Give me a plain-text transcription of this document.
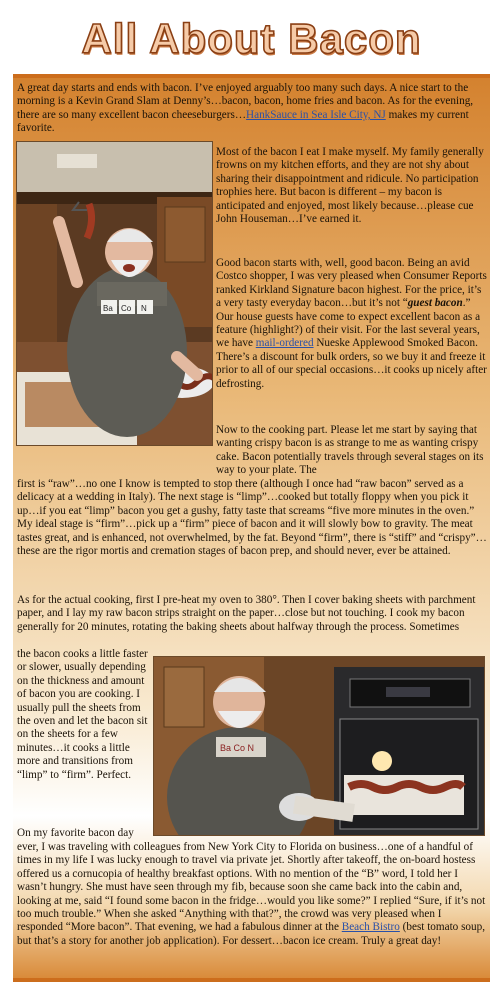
All About Bacon

A great day starts and ends with bacon. I’ve enjoyed arguably too many such days. A nice start to the morning is a Kevin Grand Slam at Denny’s…bacon, bacon, home fries and bacon. As for the evening, there are so many excellent bacon cheeseburgers…HankSauce in Sea Isle City, NJ makes my current favorite.

Ba Co N

Most of the bacon I eat I make myself. My family generally frowns on my kitchen efforts, and they are not shy about sharing their disappointment and ridicule. No participation trophies here. But bacon is different – my bacon is anticipated and enjoyed, most likely because…please cue John Houseman…I’ve earned it.

Good bacon starts with, well, good bacon. Being an avid Costco shopper, I was very pleased when Consumer Reports ranked Kirkland Signature bacon highest. For the price, it’s a very tasty everyday bacon…but it’s not “guest bacon.” Our house guests have come to expect excellent bacon as a feature (highlight?) of their visit. For the last several years, we have mail-ordered Nueske Applewood Smoked Bacon. There’s a discount for bulk orders, so we buy it and freeze it prior to all of our special occasions…it cooks up nicely after defrosting.

Now to the cooking part. Please let me start by saying that wanting crispy bacon is as strange to me as wanting crispy cake. Bacon potentially travels through several stages on its way to your plate. The

first is “raw”…no one I know is tempted to stop there (although I once had “raw bacon” served as a delicacy at a wedding in Italy). The next stage is “limp”…cooked but totally floppy when you pick it up…if you eat “limp” bacon you get a gushy, fatty taste that screams “five more minutes in the oven.” My ideal stage is “firm”…pick up a “firm” piece of bacon and it will slowly bow to gravity. The meat tastes great, and is enhanced, not overwhelmed, by the fat. Beyond “firm”, there is “stiff” and “crispy”…these are the rigor mortis and cremation stages of bacon prep, and should never, ever be attained.

As for the actual cooking, first I pre-heat my oven to 380°. Then I cover baking sheets with parchment paper, and I lay my raw bacon strips straight on the paper…close but not touching. I cook my bacon generally for 20 minutes, rotating the baking sheets about halfway through the process. Sometimes

the bacon cooks a little faster or slower, usually depending on the thickness and amount of bacon you are cooking. I usually pull the sheets from the oven and let the bacon sit on the sheets for a few minutes…it cooks a little more and transitions from “limp” to “firm”. Perfect.

Ba Co N

On my favorite bacon day

ever, I was traveling with colleagues from New York City to Florida on business…one of a handful of times in my life I was lucky enough to travel via private jet. Shortly after takeoff, the on-board hostess offered us a cornucopia of healthy breakfast options. With no mention of the “B” word, I told her I wasn’t hungry. She must have seen through my fib, because soon she came back into the cabin and, looking at me, said “I found some bacon in the fridge…would you like some?” I replied “Sure, if it’s not too much trouble.” When she asked “Anything with that?”, the crowd was very pleased when I responded “More bacon”. That evening, we had a fabulous dinner at the Beach Bistro (best tomato soup, but that’s a story for another job application). For dessert…bacon ice cream. Truly a great day!
